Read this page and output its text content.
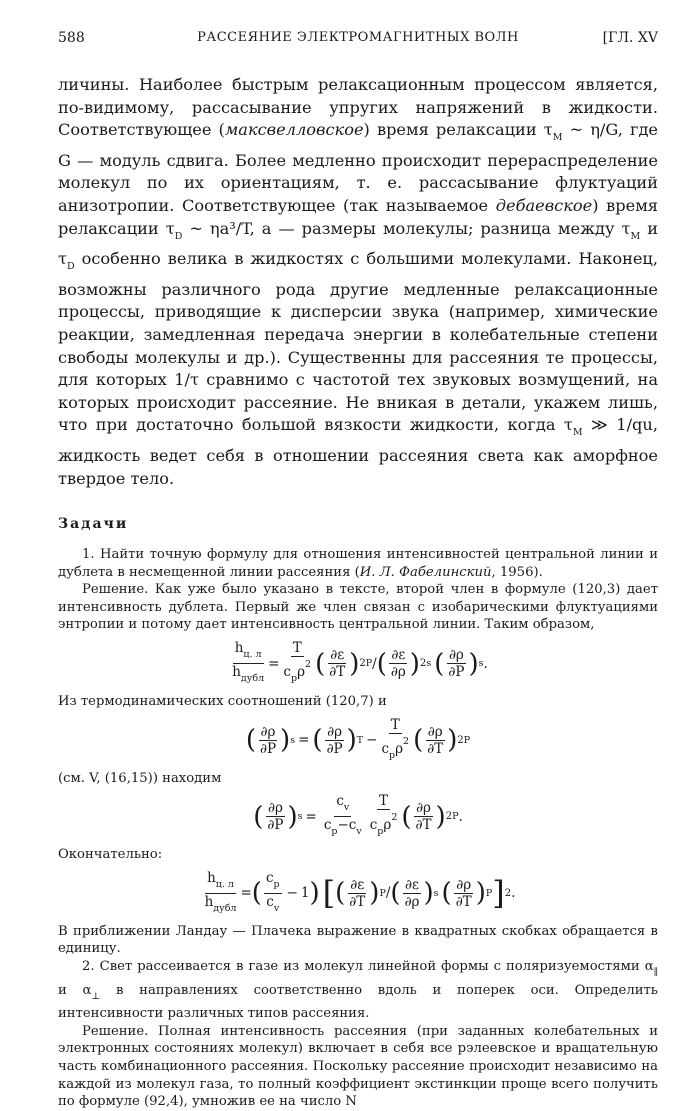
588	РАССЕЯНИЕ ЭЛЕКТРОМАГНИТНЫХ ВОЛН	[ГЛ. XV

личины. Наиболее быстрым релаксационным процессом является, по-видимому, рассасывание упругих напряжений в жидкости. Соответствующее (максвелловское) время релаксации $\tau_M$ ~ η/G, где G — модуль сдвига. Более медленно происходит перераспределение молекул по их ориентациям, т. е. рассасывание флуктуаций анизотропии. Соответствующее (так называемое дебаевское) время релаксации $\tau_D$ ~ ηa³/T, a — размеры молекулы; разница между $\tau_M$ и $\tau_D$ особенно велика в жидкостях с большими молекулами. Наконец, возможны различного рода другие медленные релаксационные процессы, приводящие к дисперсии звука (например, химические реакции, замедленная передача энергии в колебательные степени свободы молекулы и др.). Существенны для рассеяния те процессы, для которых 1/τ сравнимо с частотой тех звуковых возмущений, на которых происходит рассеяние. Не вникая в детали, укажем лишь, что при достаточно большой вязкости жидкости, когда $\tau_M$ ≫ 1/qu, жидкость ведет себя в отношении рассеяния света как аморфное твердое тело.

Задачи

1. Найти точную формулу для отношения интенсивностей центральной линии и дублета в несмещенной линии рассеяния (И. Л. Фабелинский, 1956).

Решение. Как уже было указано в тексте, второй член в формуле (120,3) дает интенсивность дублета. Первый же член связан с изобарическими флуктуациями энтропии и потому дает интенсивность центральной линии. Таким образом,

$\frac{h_{ц. л}}{h_{дубл}} = \frac{T}{c_p\rho^2}$ ( $\frac{\partial\varepsilon}{\partial T}$ ) 2 P / ( $\frac{\partial\varepsilon}{\partial\rho}$ ) 2 s ( $\frac{\partial\rho}{\partial P}$ ) s .

Из термодинамических соотношений (120,7) и

( $\frac{\partial\rho}{\partial P}$ ) s = ( $\frac{\partial\rho}{\partial P}$ ) $T - \frac{T}{c_p\rho^2}$ ( $\frac{\partial\rho}{\partial T}$ ) 2 P

(см. V, (16,15)) находим

( $\frac{\partial\rho}{\partial P}$ ) $s = \frac{c_v}{c_p-c_v} \frac{T}{c_p\rho^2}$ ( $\frac{\partial\rho}{\partial T}$ ) 2 P .

Окончательно:

$\frac{h_{ц. л}}{h_{дубл}}$ = ( $\frac{c_p}{c_v} - 1$ ) [ ( $\frac{\partial\varepsilon}{\partial T}$ ) P / ( $\frac{\partial\varepsilon}{\partial\rho}$ ) s ( $\frac{\partial\rho}{\partial T}$ ) P ] 2 .

В приближении Ландау — Плачека выражение в квадратных скобках обращается в единицу.

2. Свет рассеивается в газе из молекул линейной формы с поляризуемостями $\alpha_\parallel$ и $\alpha_\perp$ в направлениях соответственно вдоль и поперек оси. Определить интенсивности различных типов рассеяния.

Решение. Полная интенсивность рассеяния (при заданных колебательных и электронных состояниях молекул) включает в себя все рэлеевское и вращательную часть комбинационного рассеяния. Поскольку рассеяние происходит независимо на каждой из молекул газа, то полный коэффициент экстинкции проще всего получить по формуле (92,4), умножив ее на число N
